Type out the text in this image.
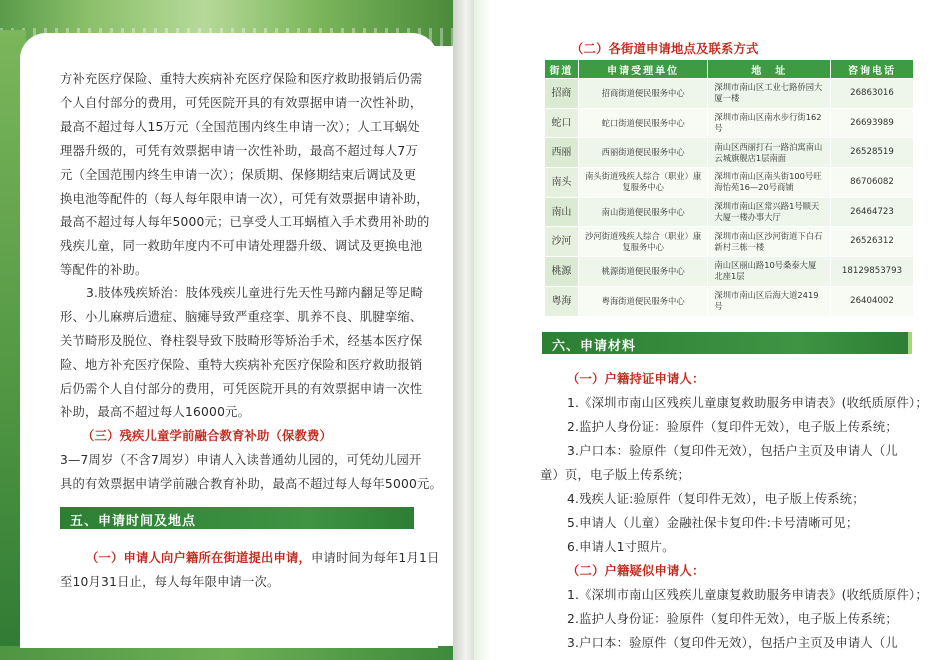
方补充医疗保险、重特大疾病补充医疗保险和医疗救助报销后仍需
个人自付部分的费用，可凭医院开具的有效票据申请一次性补助，
最高不超过每人15万元（全国范围内终生申请一次）；人工耳蜗处
理器升级的，可凭有效票据申请一次性补助，最高不超过每人7万
元（全国范围内终生申请一次）；保质期、保修期结束后调试及更
换电池等配件的（每人每年限申请一次），可凭有效票据申请补助，
最高不超过每人每年5000元；已享受人工耳蜗植入手术费用补助的
残疾儿童，同一救助年度内不可申请处理器升级、调试及更换电池
等配件的补助。
3.肢体残疾矫治：肢体残疾儿童进行先天性马蹄内翻足等足畸
形、小儿麻痹后遗症、脑瘫导致严重痉挛、肌养不良、肌腱挛缩、
关节畸形及脱位、脊柱裂导致下肢畸形等矫治手术，经基本医疗保
险、地方补充医疗保险、重特大疾病补充医疗保险和医疗救助报销
后仍需个人自付部分的费用，可凭医院开具的有效票据申请一次性
补助，最高不超过每人16000元。
（三）残疾儿童学前融合教育补助（保教费）
3—7周岁（不含7周岁）申请人入读普通幼儿园的，可凭幼儿园开
具的有效票据申请学前融合教育补助，最高不超过每人每年5000元。
五、申请时间及地点
（一）申请人向户籍所在街道提出申请，申请时间为每年1月1日
至10月31日止，每人每年限申请一次。
（二）各街道申请地点及联系方式
街道	申请受理单位	地　址	咨询电话
招商	招商街道便民服务中心	深圳市南山区工业七路侨园大厦一楼	26863016
蛇口	蛇口街道便民服务中心	深圳市南山区南水步行街162号	26693989
西丽	西丽街道便民服务中心	南山区西丽打石一路泊寓南山云城旗舰店1层南面	26528519
南头	南头街道残疾人综合（职业）康复服务中心	深圳市南山区南头街100号旺海怡苑16—20号商铺	86706082
南山	南山街道便民服务中心	深圳市南山区常兴路1号顺天大厦一楼办事大厅	26464723
沙河	沙河街道残疾人综合（职业）康复服务中心	深圳市南山区沙河街道下白石新村三栋一楼	26526312
桃源	桃源街道便民服务中心	南山区丽山路10号桑泰大厦北座1层	18129853793
粤海	粤海街道便民服务中心	深圳市南山区后海大道2419号	26404002
六、申请材料
（一）户籍持证申请人：
1.《深圳市南山区残疾儿童康复救助服务申请表》(收纸质原件）；
2.监护人身份证：验原件（复印件无效），电子版上传系统；
3.户口本：验原件（复印件无效），包括户主页及申请人（儿
童）页，电子版上传系统；
4.残疾人证:验原件（复印件无效），电子版上传系统；
5.申请人（儿童）金融社保卡复印件:卡号清晰可见；
6.申请人1寸照片。
（二）户籍疑似申请人：
1.《深圳市南山区残疾儿童康复救助服务申请表》(收纸质原件）；
2.监护人身份证：验原件（复印件无效），电子版上传系统；
3.户口本：验原件（复印件无效），包括户主页及申请人（儿
